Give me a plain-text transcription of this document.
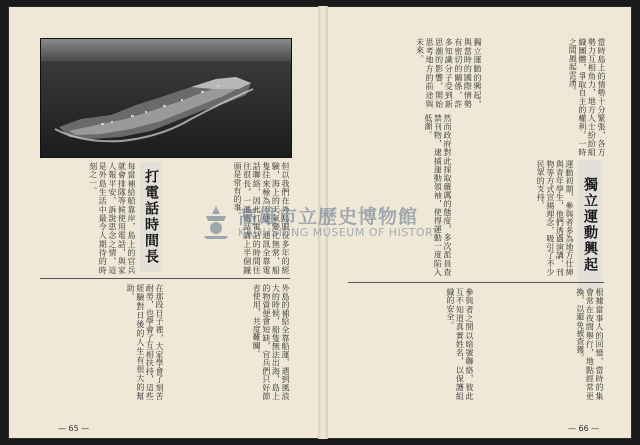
打電話時間長	但以我們在外島服役多年的經驗，海上的天氣變化無常，船隻往來極為不便，通訊全靠電話聯絡，因此打電話的時間往往很長，一通電話講上半個鐘頭是常有的事。
每當補給船靠岸，島上的官兵就會排隊等候使用電話，與家人報平安，訴說思念之情，這是外島生活中最令人期待的時刻之一。
外島的補給全靠船運，遇到風浪大的時候，船隻無法出海，島上的物資便會短缺，官兵們只好節省使用，共度難關。
在那段日子裡，大家學會了刻苦耐勞，也學會了互相扶持，這些經驗對日後的人生有很大的幫助。
— 65 —
當時島上的情勢十分緊張，各方勢力互相角力，地方人士紛紛組織團體，爭取自主的權利，一時之間風起雲湧。
獨立運動的興起，與當時的國際情勢有密切的關係，許多知識分子受到新思潮的影響，開始思考地方的前途與未來。
獨立運動興起
運動初期，參與者多為地方仕紳與青年學生，他們透過演講、刊物等方式宣揚理念，吸引了不少民眾的支持。
然而政府對此採取嚴厲的態度，多次派員查禁刊物，逮捕運動領袖，使得運動一度陷入低潮。
根據當事人的回憶，當時的集會常在夜間舉行，地點經常更換，以避免被查獲。
參與者之間以暗號聯絡，彼此互不知道真實姓名，以保護組織的安全。
— 66 —
高雄市立歷史博物館
KAOHSIUNG MUSEUM OF HISTORY
